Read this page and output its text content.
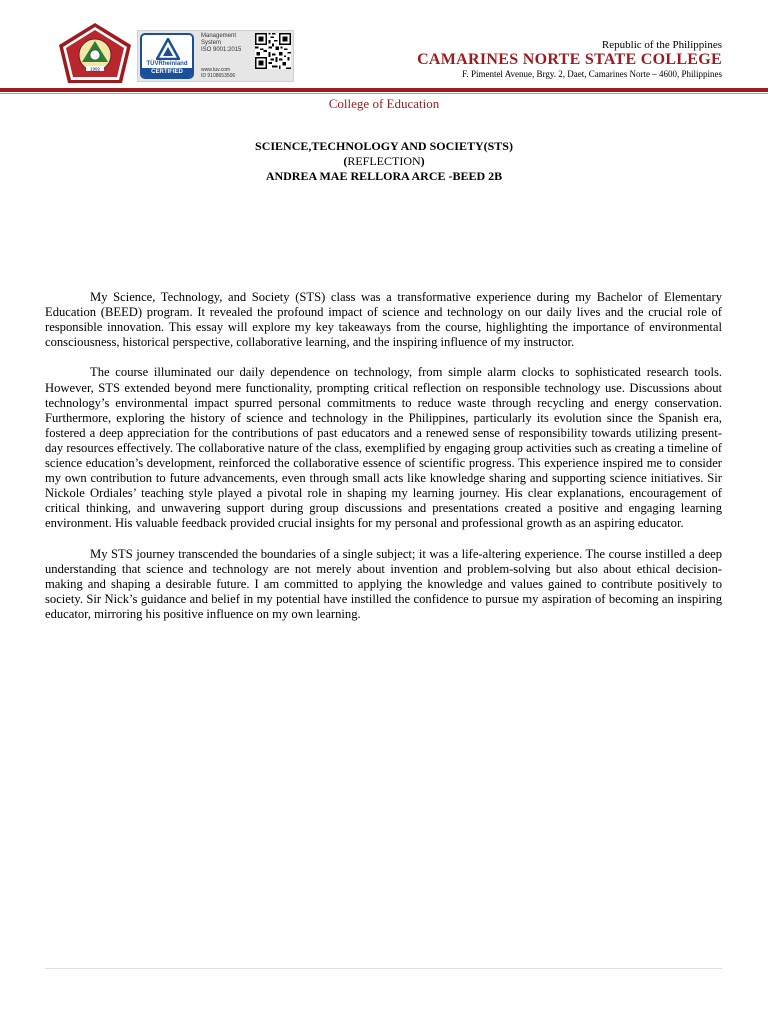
1992
TÜVRheinland
CERTIFIED
Management
System
ISO 9001:2015
www.tuv.com
ID 9108653506
Republic of the Philippines
CAMARINES NORTE STATE COLLEGE
F. Pimentel Avenue, Brgy. 2, Daet, Camarines Norte – 4600, Philippines
College of Education
SCIENCE,TECHNOLOGY AND SOCIETY(STS)
(REFLECTION)
ANDREA MAE RELLORA ARCE -BEED 2B

My Science, Technology, and Society (STS) class was a transformative experience during my Bachelor of Elementary Education (BEED) program. It revealed the profound impact of science and technology on our daily lives and the crucial role of responsible innovation. This essay will explore my key takeaways from the course, highlighting the importance of environmental consciousness, historical perspective, collaborative learning, and the inspiring influence of my instructor.

The course illuminated our daily dependence on technology, from simple alarm clocks to sophisticated research tools. However, STS extended beyond mere functionality, prompting critical reflection on responsible technology use. Discussions about technology’s environmental impact spurred personal commitments to reduce waste through recycling and energy conservation. Furthermore, exploring the history of science and technology in the Philippines, particularly its evolution since the Spanish era, fostered a deep appreciation for the contributions of past educators and a renewed sense of responsibility towards utilizing present-day resources effectively. The collaborative nature of the class, exemplified by engaging group activities such as creating a timeline of science education’s development, reinforced the collaborative essence of scientific progress. This experience inspired me to consider my own contribution to future advancements, even through small acts like knowledge sharing and supporting science initiatives. Sir Nickole Ordiales’ teaching style played a pivotal role in shaping my learning journey. His clear explanations, encouragement of critical thinking, and unwavering support during group discussions and presentations created a positive and engaging learning environment. His valuable feedback provided crucial insights for my personal and professional growth as an aspiring educator.

My STS journey transcended the boundaries of a single subject; it was a life-altering experience. The course instilled a deep understanding that science and technology are not merely about invention and problem-solving but also about ethical decision-making and shaping a desirable future. I am committed to applying the knowledge and values gained to contribute positively to society. Sir Nick’s guidance and belief in my potential have instilled the confidence to pursue my aspiration of becoming an inspiring educator, mirroring his positive influence on my own learning.
